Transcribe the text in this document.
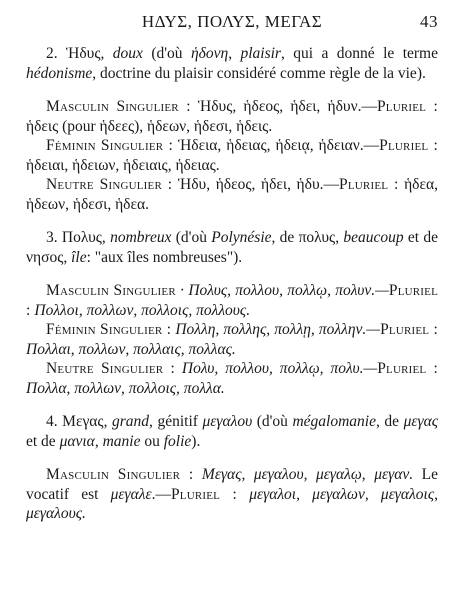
ΗΔΥΣ, ΠΟΛΥΣ, ΜΕΓΑΣ	43

2. Ἡδυς, doux (d'où ἡδονη, plaisir, qui a donné le terme hédonisme, doctrine du plaisir considéré comme règle de la vie).

Masculin Singulier : Ἡδυς, ἡδεος, ἡδει, ἡδυν.—Pluriel : ἡδεις (pour ἡδεες), ἡδεων, ἡδεσι, ἡδεις.

Féminin Singulier : Ἡδεια, ἡδειας, ἡδειᾳ, ἡδειαν.—Pluriel : ἡδειαι, ἡδειων, ἡδειαις, ἡδειας.

Neutre Singulier : Ἡδυ, ἡδεος, ἡδει, ἡδυ.—Pluriel : ἡδεα, ἡδεων, ἡδεσι, ἡδεα.

3. Πολυς, nombreux (d'où Polynésie, de πολυς, beaucoup et de νησος, île: "aux îles nombreuses").

Masculin Singulier · Πολυς, πολλου, πολλῳ, πολυν.—Pluriel : Πολλοι, πολλων, πολλοις, πολλους.

Féminin Singulier : Πολλη, πολλης, πολλῃ, πολλην.—Pluriel : Πολλαι, πολλων, πολλαις, πολλας.

Neutre Singulier : Πολυ, πολλου, πολλῳ, πολυ.—Pluriel : Πολλα, πολλων, πολλοις, πολλα.

4. Μεγας, grand, génitif μεγαλου (d'où mégalomanie, de μεγας et de μανια, manie ou folie).

Masculin Singulier : Μεγας, μεγαλου, μεγαλῳ, μεγαν. Le vocatif est μεγαλε.—Pluriel : μεγαλοι, μεγαλων, μεγαλοις, μεγαλους.
